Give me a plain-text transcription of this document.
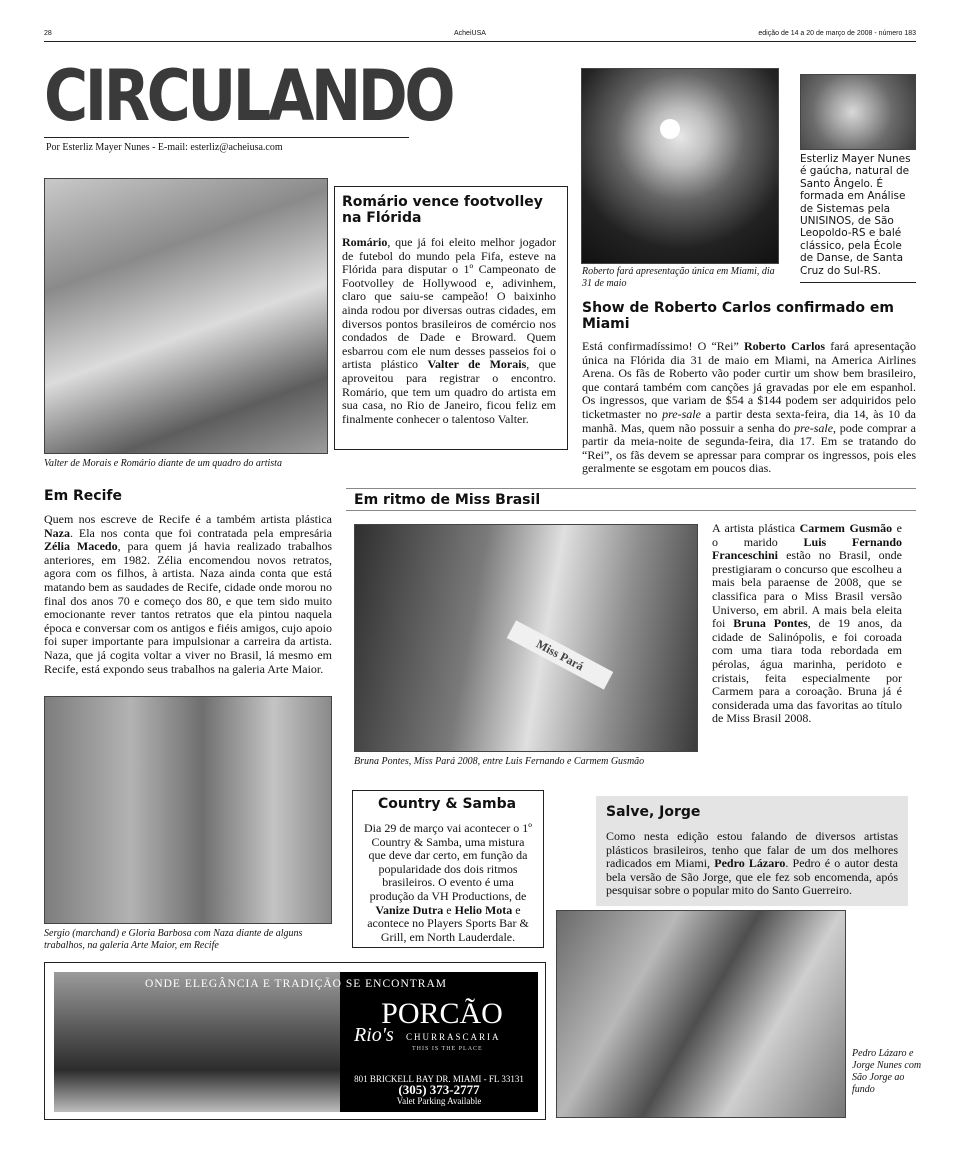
28	AcheiUSA	edição de 14 a 20 de março de 2008 - número 183
CIRCULANDO
Por Esterliz Mayer Nunes - E-mail: esterliz@acheiusa.com
Roberto fará apresentação única em Miami, dia 31 de maio
Esterliz Mayer Nunes é gaúcha, natural de Santo Ângelo. É formada em Análise de Sistemas pela UNISINOS, de São Leopoldo-RS e balé clássico, pela École de Danse, de Santa Cruz do Sul-RS.
Valter de Morais e Romário diante de um quadro do artista
Romário vence footvolley na Flórida
Romário, que já foi eleito melhor jogador de futebol do mundo pela Fifa, esteve na Flórida para disputar o 1º Campeonato de Footvolley de Hollywood e, adivinhem, claro que saiu-se campeão! O baixinho ainda rodou por diversas outras cidades, em diversos pontos brasileiros de comércio nos condados de Dade e Broward. Quem esbarrou com ele num desses passeios foi o artista plástico Valter de Morais, que aproveitou para registrar o encontro. Romário, que tem um quadro do artista em sua casa, no Rio de Janeiro, ficou feliz em finalmente conhecer o talentoso Valter.
Show de Roberto Carlos confirmado em Miami
Está confirmadíssimo! O “Rei” Roberto Carlos fará apresentação única na Flórida dia 31 de maio em Miami, na America Airlines Arena. Os fãs de Roberto vão poder curtir um show bem brasileiro, que contará também com canções já gravadas por ele em espanhol. Os ingressos, que variam de $54 a $144 podem ser adquiridos pelo ticketmaster no pre-sale a partir desta sexta-feira, dia 14, às 10 da manhã. Mas, quem não possuir a senha do pre-sale, pode comprar a partir da meia-noite de segunda-feira, dia 17. Em se tratando do “Rei”, os fãs devem se apressar para comprar os ingressos, pois eles geralmente se esgotam em poucos dias.
Em Recife
Quem nos escreve de Recife é a também artista plástica Naza. Ela nos conta que foi contratada pela empresária Zélia Macedo, para quem já havia realizado trabalhos anteriores, em 1982. Zélia encomendou novos retratos, agora com os filhos, à artista. Naza ainda conta que está matando bem as saudades de Recife, cidade onde morou no final dos anos 70 e começo dos 80, e que tem sido muito emocionante rever tantos retratos que ela pintou naquela época e conversar com os antigos e fiéis amigos, cujo apoio foi super importante para impulsionar a carreira da artista. Naza, que já cogita voltar a viver no Brasil, lá mesmo em Recife, está expondo seus trabalhos na galeria Arte Maior.
Sergio (marchand) e Gloria Barbosa com Naza diante de alguns trabalhos, na galeria Arte Maior, em Recife
Em ritmo de Miss Brasil
Miss Pará
Bruna Pontes, Miss Pará 2008, entre Luis Fernando e Carmem Gusmão
A artista plástica Carmem Gusmão e o marido Luis Fernando Franceschini estão no Brasil, onde prestigiaram o concurso que escolheu a mais bela paraense de 2008, que se classifica para o Miss Brasil versão Universo, em abril. A mais bela eleita foi Bruna Pontes, de 19 anos, da cidade de Salinópolis, e foi coroada com uma tiara toda rebordada em pérolas, água marinha, peridoto e cristais, feita especialmente por Carmem para a coroação. Bruna já é considerada uma das favoritas ao título de Miss Brasil 2008.
Country & Samba
Dia 29 de março vai acontecer o 1º Country & Samba, uma mistura que deve dar certo, em função da popularidade dos dois ritmos brasileiros. O evento é uma produção da VH Productions, de Vanize Dutra e Helio Mota e acontece no Players Sports Bar & Grill, em North Lauderdale.
Salve, Jorge
Como nesta edição estou falando de diversos artistas plásticos brasileiros, tenho que falar de um dos melhores radicados em Miami, Pedro Lázaro. Pedro é o autor desta bela versão de São Jorge, que ele fez sob encomenda, após pesquisar sobre o popular mito do Santo Guerreiro.
Pedro Lázaro e Jorge Nunes com São Jorge ao fundo
ONDE ELEGÂNCIA E TRADIÇÃO SE ENCONTRAM
PORCÃO
Rio's CHURRASCARIA
THIS IS THE PLACE
801 BRICKELL BAY DR. MIAMI - FL 33131
(305) 373-2777
Valet Parking Available
